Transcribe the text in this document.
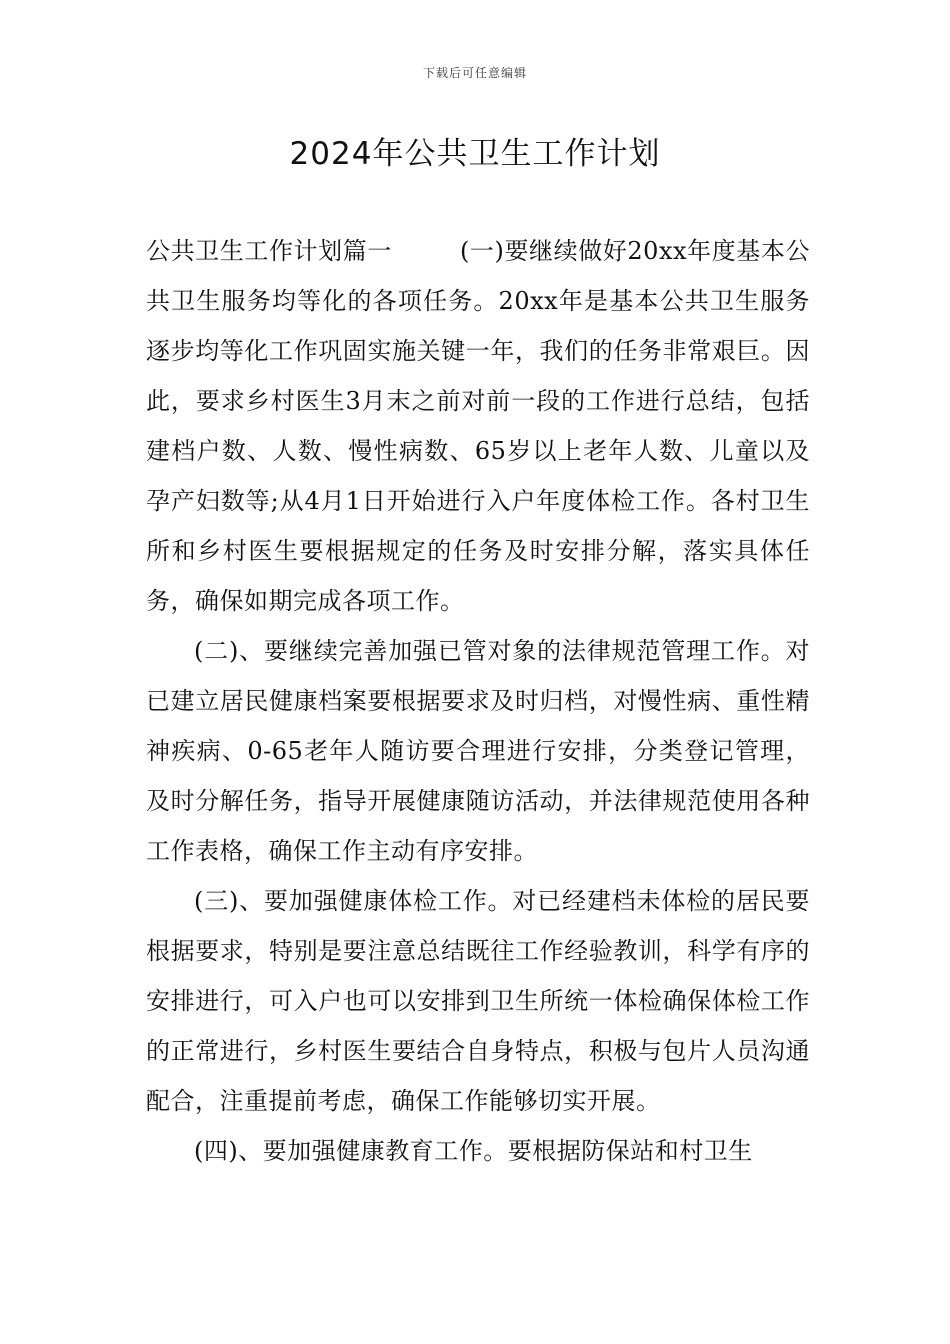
下载后可任意编辑
2024年公共卫生工作计划

公共卫生工作计划篇一	(一)要继续做好20xx年度基本公共卫生服务均等化的各项任务。20xx年是基本公共卫生服务逐步均等化工作巩固实施关键一年，我们的任务非常艰巨。因此，要求乡村医生3月末之前对前一段的工作进行总结，包括建档户数、人数、慢性病数、65岁以上老年人数、儿童以及孕产妇数等;从4月1日开始进行入户年度体检工作。各村卫生所和乡村医生要根据规定的任务及时安排分解，落实具体任务，确保如期完成各项工作。

(二)、要继续完善加强已管对象的法律规范管理工作。对已建立居民健康档案要根据要求及时归档，对慢性病、重性精神疾病、0-65老年人随访要合理进行安排，分类登记管理，及时分解任务，指导开展健康随访活动，并法律规范使用各种工作表格，确保工作主动有序安排。

(三)、要加强健康体检工作。对已经建档未体检的居民要根据要求，特别是要注意总结既往工作经验教训，科学有序的安排进行，可入户也可以安排到卫生所统一体检确保体检工作的正常进行，乡村医生要结合自身特点，积极与包片人员沟通配合，注重提前考虑，确保工作能够切实开展。

(四)、要加强健康教育工作。要根据防保站和村卫生
